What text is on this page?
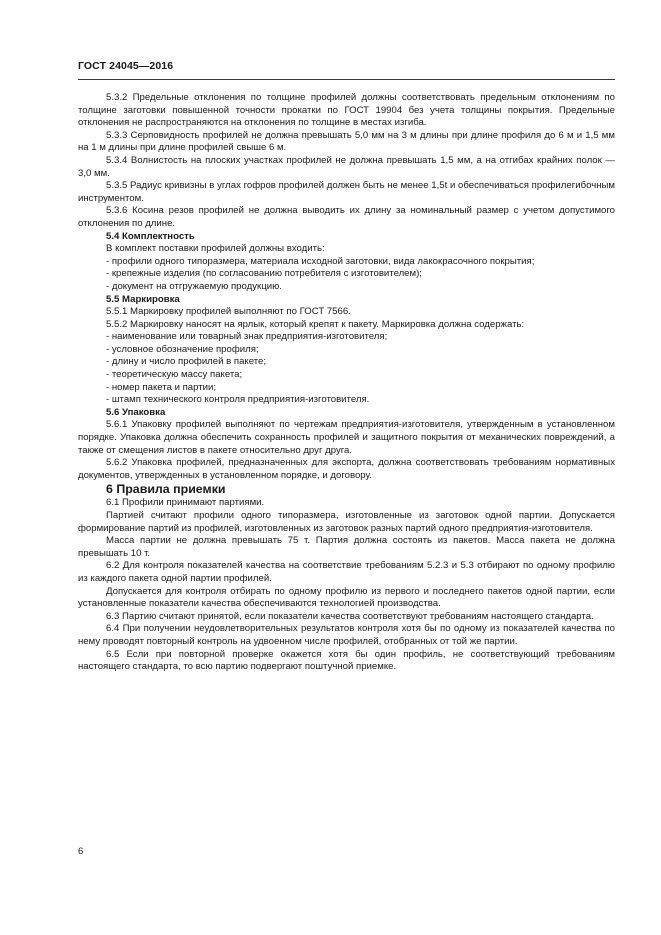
ГОСТ 24045—2016

5.3.2 Предельные отклонения по толщине профилей должны соответствовать предельным отклонениям по толщине заготовки повышенной точности прокатки по ГОСТ 19904 без учета толщины покрытия. Предельные отклонения не распространяются на отклонения по толщине в местах изгиба.

5.3.3 Серповидность профилей не должна превышать 5,0 мм на 3 м длины при длине профиля до 6 м и 1,5 мм на 1 м длины при длине профилей свыше 6 м.

5.3.4 Волнистость на плоских участках профилей не должна превышать 1,5 мм, а на отгибах крайних полок — 3,0 мм.

5.3.5 Радиус кривизны в углах гофров профилей должен быть не менее 1,5t и обеспечиваться профилегибочным инструментом.

5.3.6 Косина резов профилей не должна выводить их длину за номинальный размер с учетом допустимого отклонения по длине.

5.4 Комплектность

В комплект поставки профилей должны входить:

- профили одного типоразмера, материала исходной заготовки, вида лакокрасочного покрытия;

- крепежные изделия (по согласованию потребителя с изготовителем);

- документ на отгружаемую продукцию.

5.5 Маркировка

5.5.1 Маркировку профилей выполняют по ГОСТ 7566.

5.5.2 Маркировку наносят на ярлык, который крепят к пакету. Маркировка должна содержать:

- наименование или товарный знак предприятия-изготовителя;

- условное обозначение профиля;

- длину и число профилей в пакете;

- теоретическую массу пакета;

- номер пакета и партии;

- штамп технического контроля предприятия-изготовителя.

5.6 Упаковка

5.6.1 Упаковку профилей выполняют по чертежам предприятия-изготовителя, утвержденным в установленном порядке. Упаковка должна обеспечить сохранность профилей и защитного покрытия от механических повреждений, а также от смещения листов в пакете относительно друг друга.

5.6.2 Упаковка профилей, предназначенных для экспорта, должна соответствовать требованиям нормативных документов, утвержденных в установленном порядке, и договору.

6 Правила приемки

6.1 Профили принимают партиями.

Партией считают профили одного типоразмера, изготовленные из заготовок одной партии. Допускается формирование партий из профилей, изготовленных из заготовок разных партий одного предприятия-изготовителя.

Масса партии не должна превышать 75 т. Партия должна состоять из пакетов. Масса пакета не должна превышать 10 т.

6.2 Для контроля показателей качества на соответствие требованиям 5.2.3 и 5.3 отбирают по одному профилю из каждого пакета одной партии профилей.

Допускается для контроля отбирать по одному профилю из первого и последнего пакетов одной партии, если установленные показатели качества обеспечиваются технологией производства.

6.3 Партию считают принятой, если показатели качества соответствуют требованиям настоящего стандарта.

6.4 При получении неудовлетворительных результатов контроля хотя бы по одному из показателей качества по нему проводят повторный контроль на удвоенном числе профилей, отобранных от той же партии.

6.5 Если при повторной проверке окажется хотя бы один профиль, не соответствующий требованиям настоящего стандарта, то всю партию подвергают поштучной приемке.

6
